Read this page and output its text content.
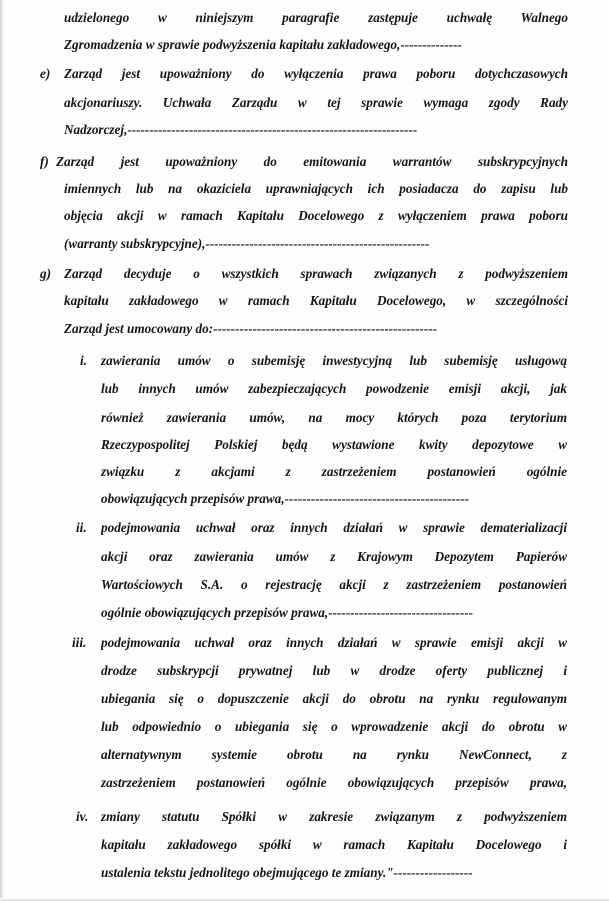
udzielonego w niniejszym paragrafie zastępuje uchwałę Walnego
Zgromadzenia w sprawie podwyższenia kapitału zakładowego,--------------
e) Zarząd jest upoważniony do wyłączenia prawa poboru dotychczasowych
akcjonariuszy. Uchwała Zarządu w tej sprawie wymaga zgody Rady
Nadzorczej,------------------------------------------------------------------
f) Zarząd jest upoważniony do emitowania warrantów subskrypcyjnych
imiennych lub na okaziciela uprawniających ich posiadacza do zapisu lub
objęcia akcji w ramach Kapitału Docelowego z wyłączeniem prawa poboru
(warranty subskrypcyjne),---------------------------------------------------
g) Zarząd decyduje o wszystkich sprawach związanych z podwyższeniem
kapitału zakładowego w ramach Kapitału Docelowego, w szczególności
Zarząd jest umocowany do:---------------------------------------------------
i. zawierania umów o subemisję inwestycyjną lub subemisję usługową
lub innych umów zabezpieczających powodzenie emisji akcji, jak
również zawierania umów, na mocy których poza terytorium
Rzeczypospolitej Polskiej będą wystawione kwity depozytowe w
związku z akcjami z zastrzeżeniem postanowień ogólnie
obowiązujących przepisów prawa,------------------------------------------
ii. podejmowania uchwał oraz innych działań w sprawie dematerializacji
akcji oraz zawierania umów z Krajowym Depozytem Papierów
Wartościowych S.A. o rejestrację akcji z zastrzeżeniem postanowień
ogólnie obowiązujących przepisów prawa,---------------------------------
iii. podejmowania uchwał oraz innych działań w sprawie emisji akcji w
drodze subskrypcji prywatnej lub w drodze oferty publicznej i
ubiegania się o dopuszczenie akcji do obrotu na rynku regulowanym
lub odpowiednio o ubiegania się o wprowadzenie akcji do obrotu w
alternatywnym systemie obrotu na rynku NewConnect, z
zastrzeżeniem postanowień ogólnie obowiązujących przepisów prawa,
iv. zmiany statutu Spółki w zakresie związanym z podwyższeniem
kapitału zakładowego spółki w ramach Kapitału Docelowego i
ustalenia tekstu jednolitego obejmującego te zmiany."------------------
